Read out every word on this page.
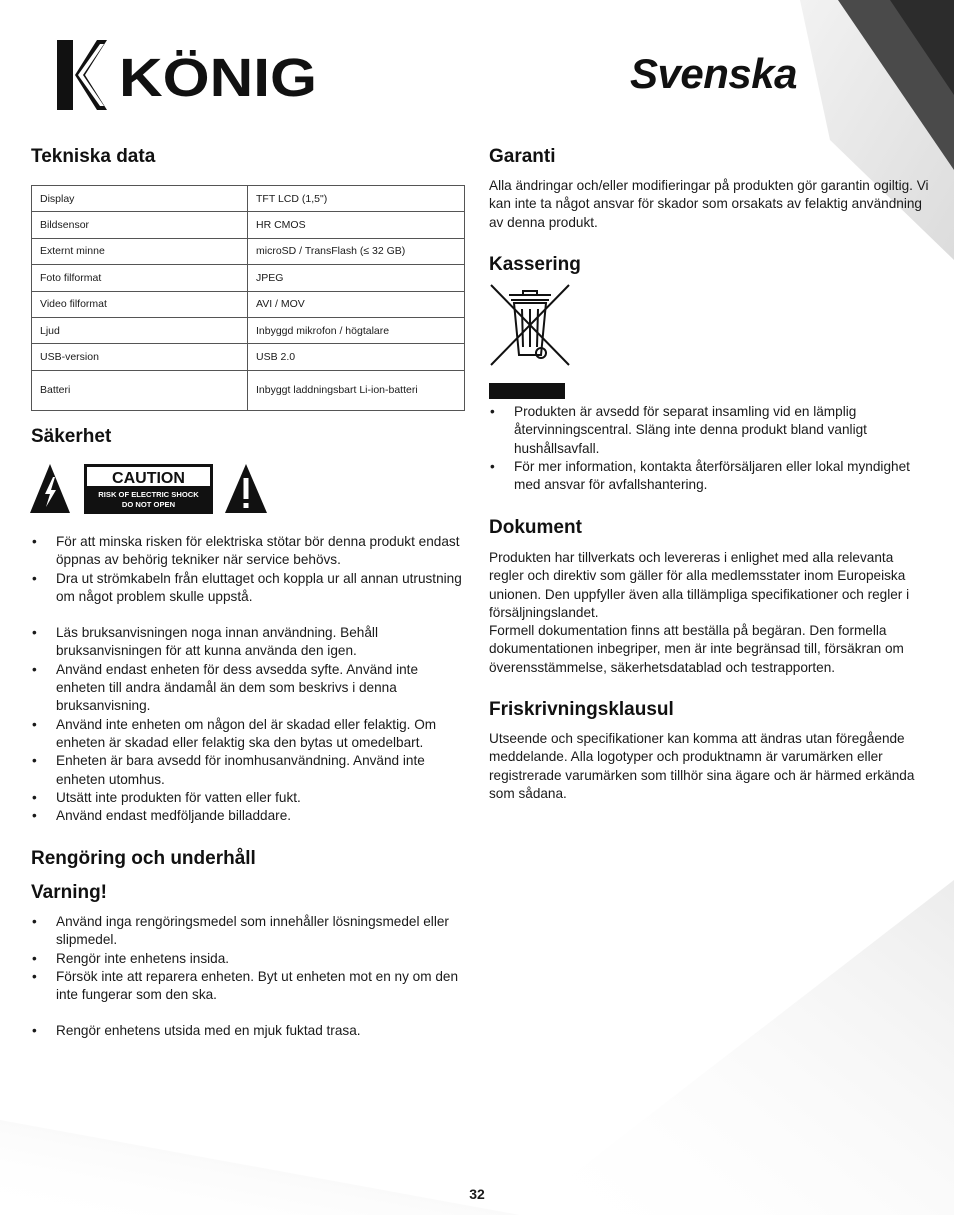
KÖNIG	Svenska
Tekniska data
Display	TFT LCD (1,5")
Bildsensor	HR CMOS
Externt minne	microSD / TransFlash (≤ 32 GB)
Foto filformat	JPEG
Video filformat	AVI / MOV
Ljud	Inbyggd mikrofon / högtalare
USB-version	USB 2.0
Batteri	Inbyggt laddningsbart Li-ion-batteri
Säkerhet
CAUTION
RISK OF ELECTRIC SHOCK
DO NOT OPEN
• För att minska risken för elektriska stötar bör denna produkt endast öppnas av behörig tekniker när service behövs.
• Dra ut strömkabeln från eluttaget och koppla ur all annan utrustning om något problem skulle uppstå.
• Läs bruksanvisningen noga innan användning. Behåll bruksanvisningen för att kunna använda den igen.
• Använd endast enheten för dess avsedda syfte. Använd inte enheten till andra ändamål än dem som beskrivs i denna bruksanvisning.
• Använd inte enheten om någon del är skadad eller felaktig. Om enheten är skadad eller felaktig ska den bytas ut omedelbart.
• Enheten är bara avsedd för inomhusanvändning. Använd inte enheten utomhus.
• Utsätt inte produkten för vatten eller fukt.
• Använd endast medföljande billaddare.
Rengöring och underhåll
Varning!
• Använd inga rengöringsmedel som innehåller lösningsmedel eller slipmedel.
• Rengör inte enhetens insida.
• Försök inte att reparera enheten. Byt ut enheten mot en ny om den inte fungerar som den ska.
• Rengör enhetens utsida med en mjuk fuktad trasa.
Garanti

Alla ändringar och/eller modifieringar på produkten gör garantin ogiltig. Vi kan inte ta något ansvar för skador som orsakats av felaktig användning av denna produkt.

Kassering
• Produkten är avsedd för separat insamling vid en lämplig återvinningscentral. Släng inte denna produkt bland vanligt hushållsavfall.
• För mer information, kontakta återförsäljaren eller lokal myndighet med ansvar för avfallshantering.
Dokument

Produkten har tillverkats och levereras i enlighet med alla relevanta regler och direktiv som gäller för alla medlemsstater inom Europeiska unionen. Den uppfyller även alla tillämpliga specifikationer och regler i försäljningslandet.

Formell dokumentation finns att beställa på begäran. Den formella dokumentationen inbegriper, men är inte begränsad till, försäkran om överensstämmelse, säkerhetsdatablad och testrapporten.

Friskrivningsklausul

Utseende och specifikationer kan komma att ändras utan föregående meddelande. Alla logotyper och produktnamn är varumärken eller registrerade varumärken som tillhör sina ägare och är härmed erkända som sådana.

32
